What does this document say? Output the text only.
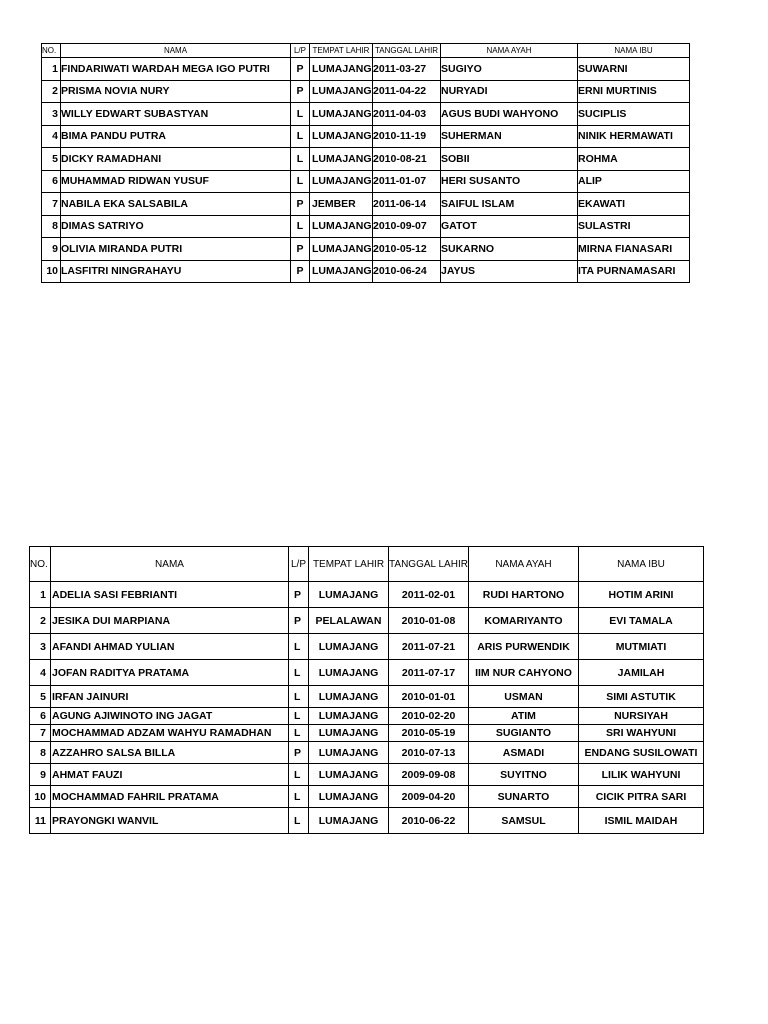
NO.	NAMA	L/P	TEMPAT LAHIR	TANGGAL LAHIR	NAMA AYAH	NAMA IBU
1	FINDARIWATI WARDAH MEGA IGO PUTRI	P	LUMAJANG	2011-03-27	SUGIYO	SUWARNI
2	PRISMA NOVIA NURY	P	LUMAJANG	2011-04-22	NURYADI	ERNI MURTINIS
3	WILLY EDWART SUBASTYAN	L	LUMAJANG	2011-04-03	AGUS BUDI WAHYONO	SUCIPLIS
4	BIMA PANDU PUTRA	L	LUMAJANG	2010-11-19	SUHERMAN	NINIK HERMAWATI
5	DICKY RAMADHANI	L	LUMAJANG	2010-08-21	SOBII	ROHMA
6	MUHAMMAD RIDWAN YUSUF	L	LUMAJANG	2011-01-07	HERI SUSANTO	ALIP
7	NABILA EKA SALSABILA	P	JEMBER	2011-06-14	SAIFUL ISLAM	EKAWATI
8	DIMAS SATRIYO	L	LUMAJANG	2010-09-07	GATOT	SULASTRI
9	OLIVIA MIRANDA PUTRI	P	LUMAJANG	2010-05-12	SUKARNO	MIRNA FIANASARI
10	LASFITRI NINGRAHAYU	P	LUMAJANG	2010-06-24	JAYUS	ITA PURNAMASARI
NO.	NAMA	L/P	TEMPAT LAHIR	TANGGAL LAHIR	NAMA AYAH	NAMA IBU
1	ADELIA SASI FEBRIANTI	P	LUMAJANG	2011-02-01	RUDI HARTONO	HOTIM ARINI
2	JESIKA DUI MARPIANA	P	PELALAWAN	2010-01-08	KOMARIYANTO	EVI TAMALA
3	AFANDI AHMAD YULIAN	L	LUMAJANG	2011-07-21	ARIS PURWENDIK	MUTMIATI
4	JOFAN RADITYA PRATAMA	L	LUMAJANG	2011-07-17	IIM NUR CAHYONO	JAMILAH
5	IRFAN JAINURI	L	LUMAJANG	2010-01-01	USMAN	SIMI ASTUTIK
6	AGUNG AJIWINOTO ING JAGAT	L	LUMAJANG	2010-02-20	ATIM	NURSIYAH
7	MOCHAMMAD ADZAM WAHYU RAMADHAN	L	LUMAJANG	2010-05-19	SUGIANTO	SRI WAHYUNI
8	AZZAHRO SALSA BILLA	P	LUMAJANG	2010-07-13	ASMADI	ENDANG SUSILOWATI
9	AHMAT FAUZI	L	LUMAJANG	2009-09-08	SUYITNO	LILIK WAHYUNI
10	MOCHAMMAD FAHRIL PRATAMA	L	LUMAJANG	2009-04-20	SUNARTO	CICIK PITRA SARI
11	PRAYONGKI WANVIL	L	LUMAJANG	2010-06-22	SAMSUL	ISMIL MAIDAH
